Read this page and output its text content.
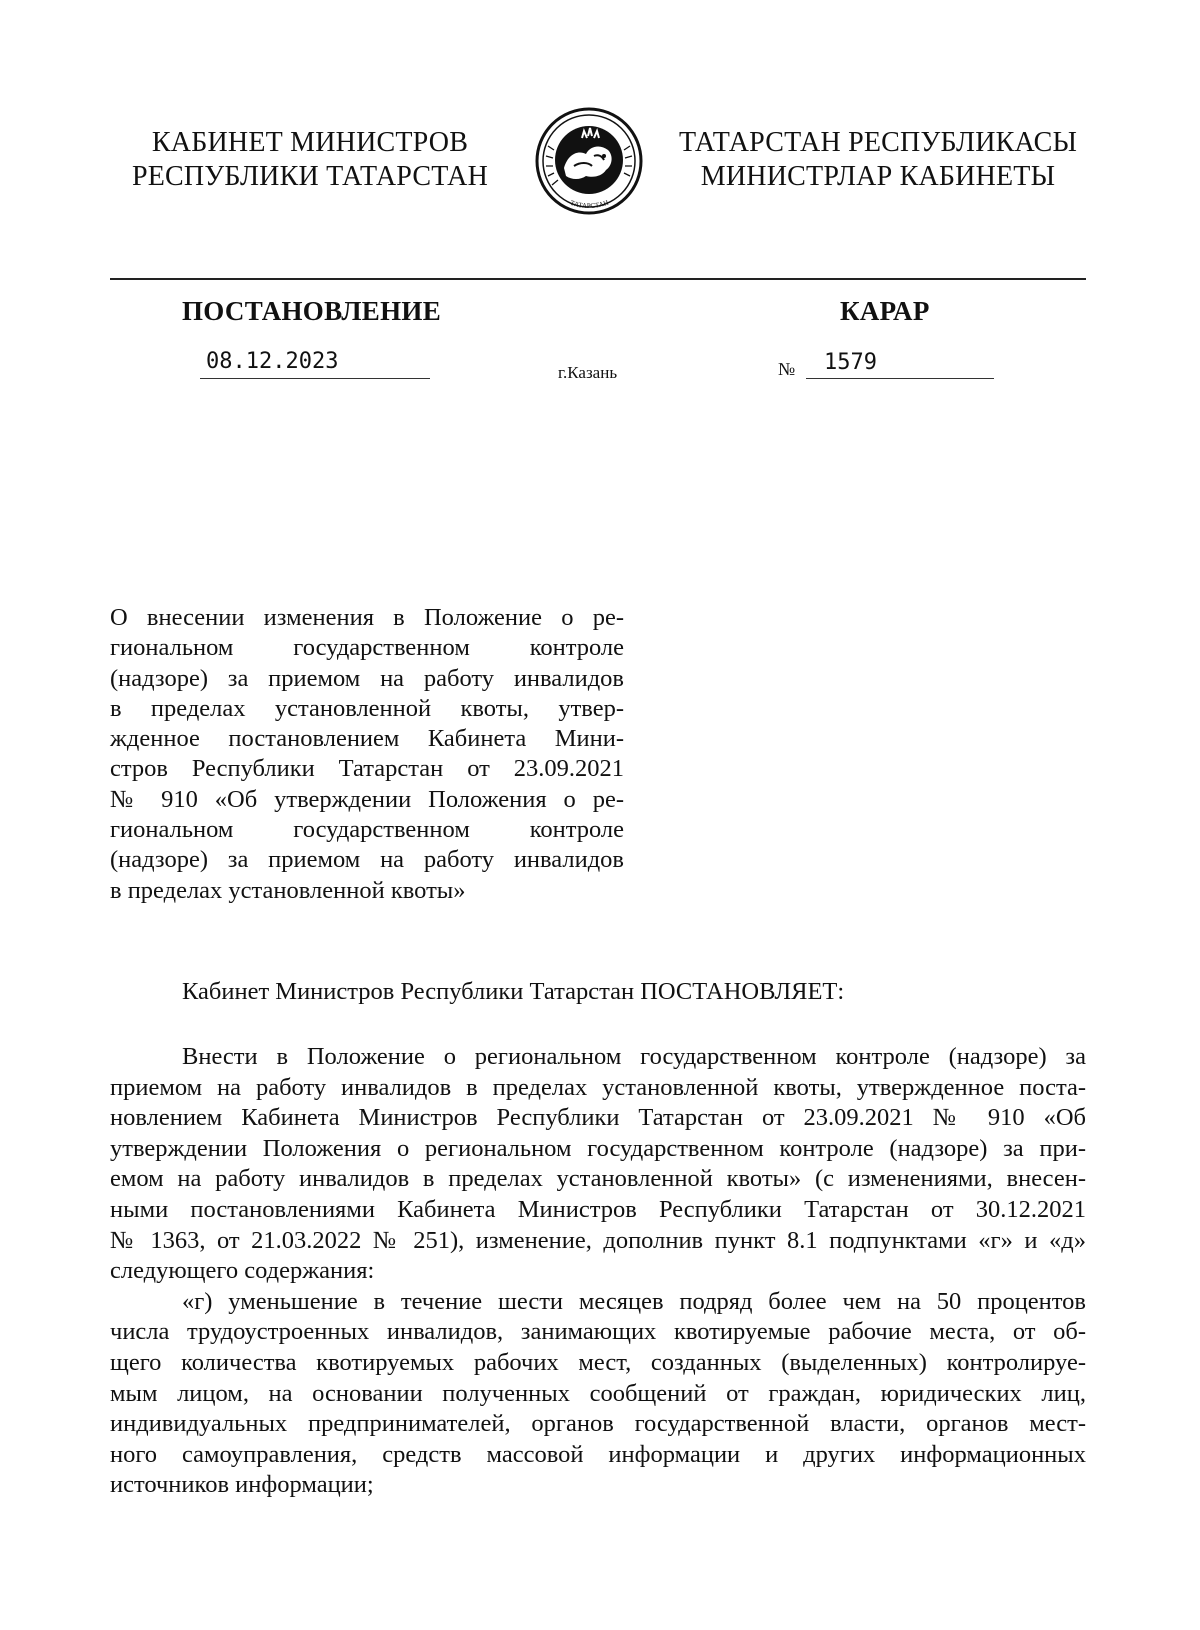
КАБИНЕТ МИНИСТРОВ
РЕСПУБЛИКИ ТАТАРСТАН
ТАТАРСТАН
ТАТАРСТАН РЕСПУБЛИКАСЫ
МИНИСТРЛАР КАБИНЕТЫ
ПОСТАНОВЛЕНИЕ	КАРАР
08.12.2023	г.Казань	№ 1579
О внесении изменения в Положение о ре-
гиональном государственном контроле
(надзоре) за приемом на работу инвалидов
в пределах установленной квоты, утвер-
жденное постановлением Кабинета Мини-
стров Республики Татарстан от 23.09.2021
№ 910 «Об утверждении Положения о ре-
гиональном государственном контроле
(надзоре) за приемом на работу инвалидов
в пределах установленной квоты»
Кабинет Министров Республики Татарстан ПОСТАНОВЛЯЕТ:
Внести в Положение о региональном государственном контроле (надзоре) за
приемом на работу инвалидов в пределах установленной квоты, утвержденное поста-
новлением Кабинета Министров Республики Татарстан от 23.09.2021 № 910 «Об
утверждении Положения о региональном государственном контроле (надзоре) за при-
емом на работу инвалидов в пределах установленной квоты» (с изменениями, внесен-
ными постановлениями Кабинета Министров Республики Татарстан от 30.12.2021
№ 1363, от 21.03.2022 № 251), изменение, дополнив пункт 8.1 подпунктами «г» и «д»
следующего содержания:
«г) уменьшение в течение шести месяцев подряд более чем на 50 процентов
числа трудоустроенных инвалидов, занимающих квотируемые рабочие места, от об-
щего количества квотируемых рабочих мест, созданных (выделенных) контролируе-
мым лицом, на основании полученных сообщений от граждан, юридических лиц,
индивидуальных предпринимателей, органов государственной власти, органов мест-
ного самоуправления, средств массовой информации и других информационных
источников информации;
